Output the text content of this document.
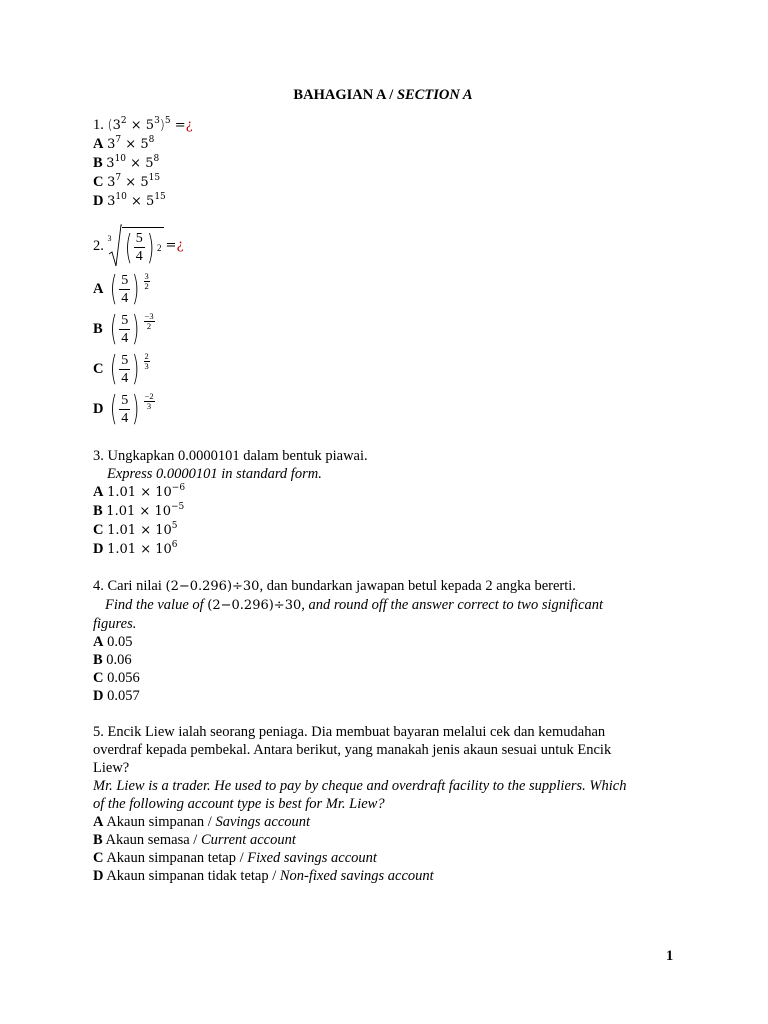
BAHAGIAN A / SECTION A
1. $(3^2 \times 5^3)^5$ =¿
A $3^7 \times 5^8$
B $3^{10} \times 5^8$
C $3^7 \times 5^{15}$
D $3^{10} \times 5^{15}$
2.
3 ( $\frac{5}{4}$ ) 2 = ¿
A ( $\frac{5}{4}$ ) 3
2
B ( $\frac{5}{4}$ ) −3
2
C ( $\frac{5}{4}$ ) 2
3
D ( $\frac{5}{4}$ ) −2
3
3. Ungkapkan 0.0000101 dalam bentuk piawai.
Express 0.0000101 in standard form.
A $1.01 \times 10^{-6}$
B $1.01 \times 10^{-5}$
C $1.01 \times 10^5$
D $1.01 \times 10^6$
4. Cari nilai (2−0.296)÷30, dan bundarkan jawapan betul kepada 2 angka bererti.
Find the value of (2−0.296)÷30, and round off the answer correct to two significant
figures.
A 0.05
B 0.06
C 0.056
D 0.057
5. Encik Liew ialah seorang peniaga. Dia membuat bayaran melalui cek dan kemudahan
overdraf kepada pembekal. Antara berikut, yang manakah jenis akaun sesuai untuk Encik
Liew?
Mr. Liew is a trader. He used to pay by cheque and overdraft facility to the suppliers. Which
of the following account type is best for Mr. Liew?
A Akaun simpanan / Savings account
B Akaun semasa / Current account
C Akaun simpanan tetap / Fixed savings account
D Akaun simpanan tidak tetap / Non-fixed savings account
1
